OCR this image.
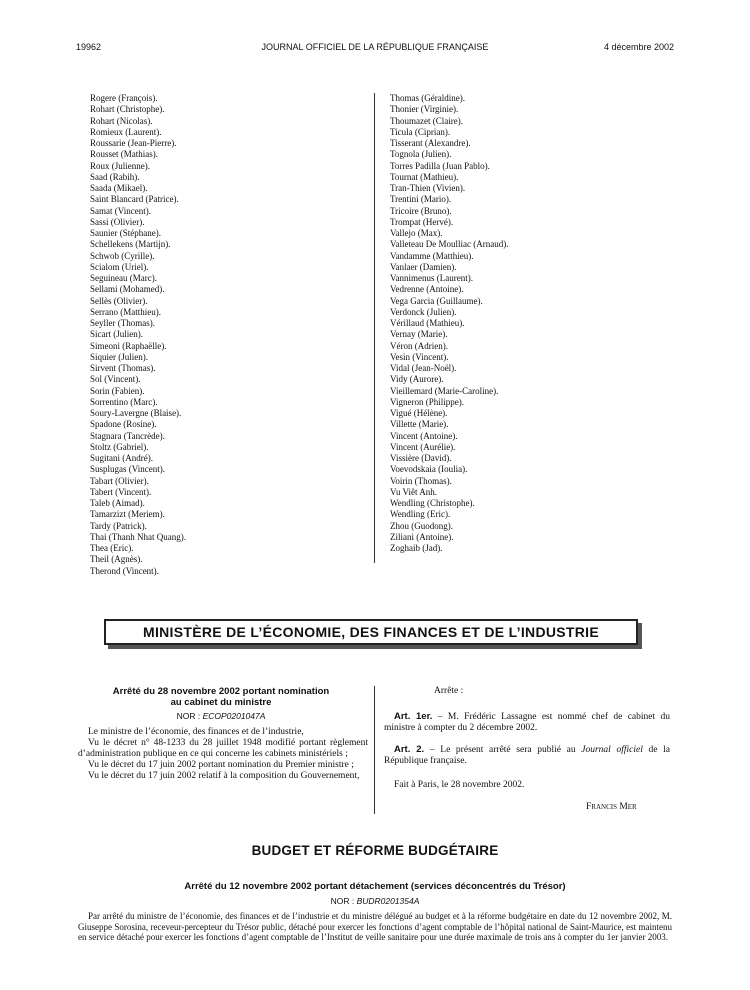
19962	JOURNAL OFFICIEL DE LA RÉPUBLIQUE FRANÇAISE	4 décembre 2002
Rogere (François).
Rohart (Christophe).
Rohart (Nicolas).
Romieux (Laurent).
Roussarie (Jean-Pierre).
Rousset (Mathias).
Roux (Julienne).
Saad (Rabih).
Saada (Mikael).
Saint Blancard (Patrice).
Samat (Vincent).
Sassi (Olivier).
Saunier (Stéphane).
Schellekens (Martijn).
Schwob (Cyrille).
Scialom (Uriel).
Seguineau (Marc).
Sellami (Mohamed).
Sellès (Olivier).
Serrano (Matthieu).
Seyller (Thomas).
Sicart (Julien).
Simeoni (Raphaëlle).
Siquier (Julien).
Sirvent (Thomas).
Sol (Vincent).
Sorin (Fabien).
Sorrentino (Marc).
Soury-Lavergne (Blaise).
Spadone (Rosine).
Stagnara (Tancrède).
Stoltz (Gabriel).
Sugitani (André).
Susplugas (Vincent).
Tabart (Olivier).
Tabert (Vincent).
Taleb (Aimad).
Tamarzizt (Meriem).
Tardy (Patrick).
Thai (Thanh Nhat Quang).
Thea (Eric).
Theil (Agnès).
Therond (Vincent).
Thomas (Géraldine).
Thonier (Virginie).
Thoumazet (Claire).
Ticula (Ciprian).
Tisserant (Alexandre).
Tognola (Julien).
Torres Padilla (Juan Pablo).
Tournat (Mathieu).
Tran-Thien (Vivien).
Trentini (Mario).
Tricoire (Bruno).
Trompat (Hervé).
Vallejo (Max).
Valleteau De Moulliac (Arnaud).
Vandamme (Matthieu).
Vanlaer (Damien).
Vannimenus (Laurent).
Vedrenne (Antoine).
Vega Garcia (Guillaume).
Verdonck (Julien).
Vérillaud (Mathieu).
Vernay (Marie).
Véron (Adrien).
Vesin (Vincent).
Vidal (Jean-Noël).
Vidy (Aurore).
Vieillemard (Marie-Caroline).
Vigneron (Philippe).
Vigué (Hélène).
Villette (Marie).
Vincent (Antoine).
Vincent (Aurélie).
Vissière (David).
Voevodskaia (Ioulia).
Voirin (Thomas).
Vu Viêt Anh.
Wendling (Christophe).
Wendling (Eric).
Zhou (Guodong).
Ziliani (Antoine).
Zoghaib (Jad).
MINISTÈRE DE L’ÉCONOMIE, DES FINANCES ET DE L’INDUSTRIE
Arrêté du 28 novembre 2002 portant nomination
au cabinet du ministre
NOR : ECOP0201047A
Le ministre de l’économie, des finances et de l’industrie,
Vu le décret n° 48-1233 du 28 juillet 1948 modifié portant règlement d’administration publique en ce qui concerne les cabinets ministériels ;
Vu le décret du 17 juin 2002 portant nomination du Premier ministre ;
Vu le décret du 17 juin 2002 relatif à la composition du Gouvernement,
Arrête :
Art. 1er. – M. Frédéric Lassagne est nommé chef de cabinet du ministre à compter du 2 décembre 2002.
Art. 2. – Le présent arrêté sera publié au Journal officiel de la République française.
Fait à Paris, le 28 novembre 2002.
Francis Mer
BUDGET ET RÉFORME BUDGÉTAIRE
Arrêté du 12 novembre 2002 portant détachement (services déconcentrés du Trésor)
NOR : BUDR0201354A
Par arrêté du ministre de l’économie, des finances et de l’industrie et du ministre délégué au budget et à la réforme budgétaire en date du 12 novembre 2002, M. Giuseppe Sorosina, receveur-percepteur du Trésor public, détaché pour exercer les fonctions d’agent comptable de l’hôpital national de Saint-Maurice, est maintenu en service détaché pour exercer les fonctions d’agent comptable de l’Institut de veille sanitaire pour une durée maximale de trois ans à compter du 1er janvier 2003.
